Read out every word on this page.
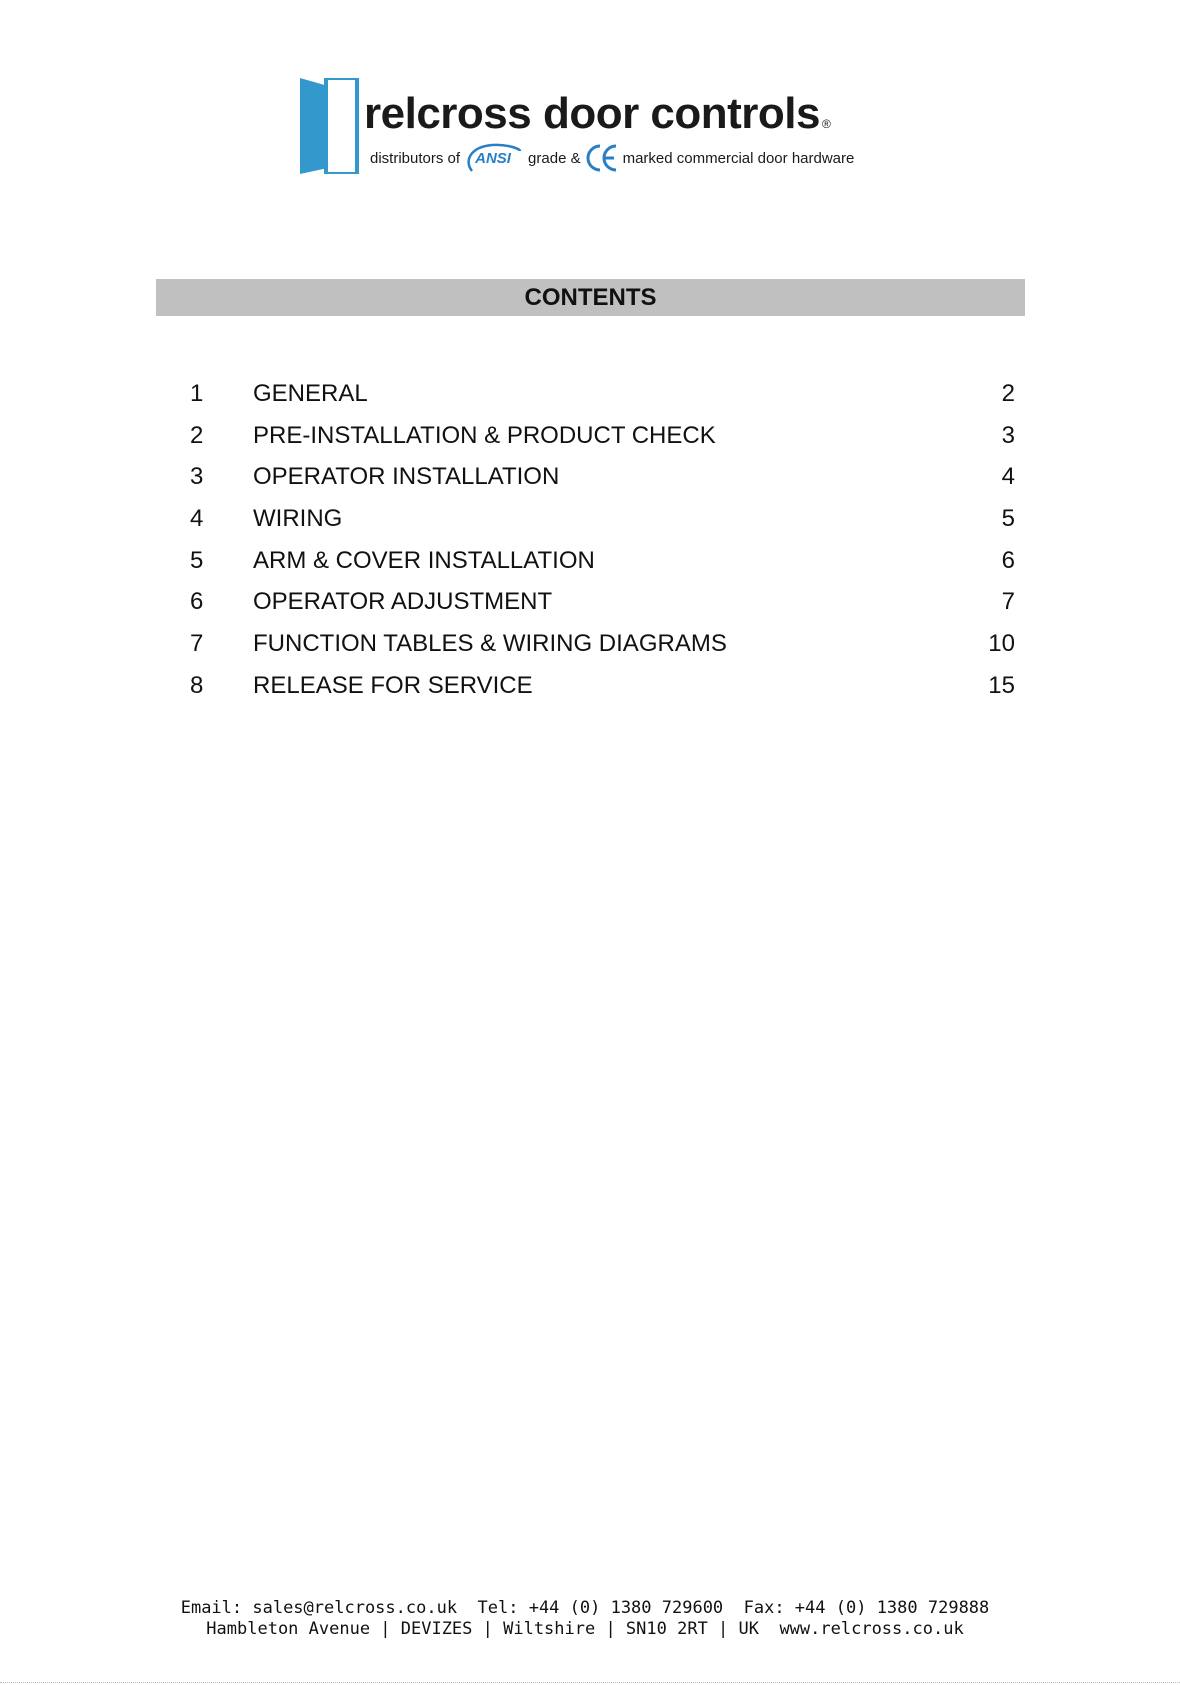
relcross door controls ®
distributors of ANSI grade &	marked commercial door hardware
CONTENTS
1	GENERAL	2
2	PRE-INSTALLATION & PRODUCT CHECK	3
3	OPERATOR INSTALLATION	4
4	WIRING	5
5	ARM & COVER INSTALLATION	6
6	OPERATOR ADJUSTMENT	7
7	FUNCTION TABLES & WIRING DIAGRAMS	10
8	RELEASE FOR SERVICE	15
Email: sales@relcross.co.uk  Tel: +44 (0) 1380 729600  Fax: +44 (0) 1380 729888
Hambleton Avenue | DEVIZES | Wiltshire | SN10 2RT | UK  www.relcross.co.uk
